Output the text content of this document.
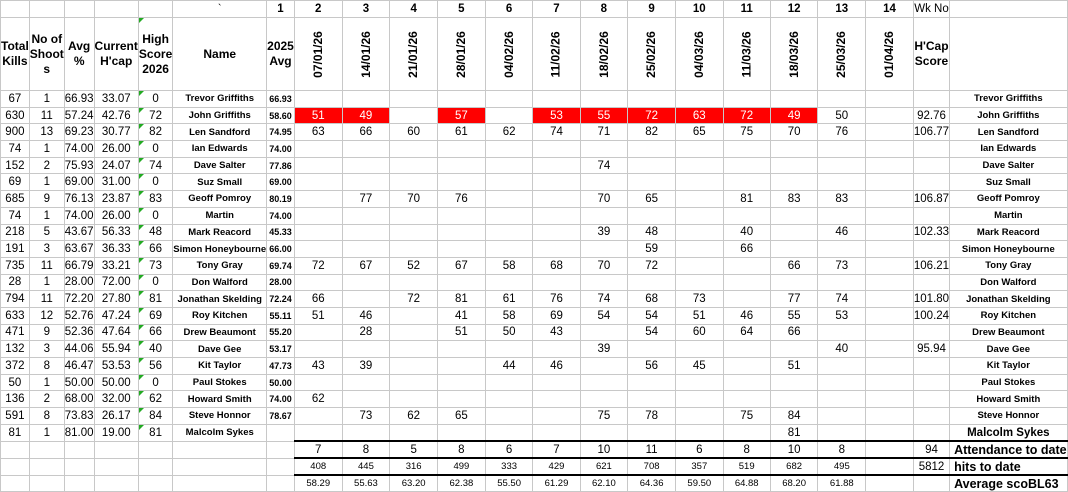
					`	1	2	3	4	5	6	7	8	9	10	11	12	13	14	Wk No	
Total Kills	No of Shoot s	Avg %	Current H'cap	High Score 2026	Name	2025 Avg	07/01/26	14/01/26	21/01/26	28/01/26	04/02/26	11/02/26	18/02/26	25/02/26	04/03/26	11/03/26	18/03/26	25/03/26	01/04/26	H'Cap Score	
67	1	66.93	33.07	0	Trevor Griffiths	66.93															Trevor Griffiths
630	11	57.24	42.76	72	John Griffiths	58.60	51	49		57		53	55	72	63	72	49	50		92.76	John Griffiths
900	13	69.23	30.77	82	Len Sandford	74.95	63	66	60	61	62	74	71	82	65	75	70	76		106.77	Len Sandford
74	1	74.00	26.00	0	Ian Edwards	74.00															Ian Edwards
152	2	75.93	24.07	74	Dave Salter	77.86							74								Dave Salter
69	1	69.00	31.00	0	Suz Small	69.00															Suz Small
685	9	76.13	23.87	83	Geoff Pomroy	80.19		77	70	76			70	65		81	83	83		106.87	Geoff Pomroy
74	1	74.00	26.00	0	Martin	74.00															Martin
218	5	43.67	56.33	48	Mark Reacord	45.33							39	48		40		46		102.33	Mark Reacord
191	3	63.67	36.33	66	Simon Honeybourne	66.00								59		66					Simon Honeybourne
735	11	66.79	33.21	73	Tony Gray	69.74	72	67	52	67	58	68	70	72			66	73		106.21	Tony Gray
28	1	28.00	72.00	0	Don Walford	28.00															Don Walford
794	11	72.20	27.80	81	Jonathan Skelding	72.24	66		72	81	61	76	74	68	73		77	74		101.80	Jonathan Skelding
633	12	52.76	47.24	69	Roy Kitchen	55.11	51	46		41	58	69	54	54	51	46	55	53		100.24	Roy Kitchen
471	9	52.36	47.64	66	Drew Beaumont	55.20		28		51	50	43		54	60	64	66				Drew Beaumont
132	3	44.06	55.94	40	Dave Gee	53.17							39					40		95.94	Dave Gee
372	8	46.47	53.53	56	Kit Taylor	47.73	43	39			44	46		56	45		51				Kit Taylor
50	1	50.00	50.00	0	Paul Stokes	50.00															Paul Stokes
136	2	68.00	32.00	62	Howard Smith	74.00	62														Howard Smith
591	8	73.83	26.17	84	Steve Honnor	78.67		73	62	65			75	78		75	84				Steve Honnor
81	1	81.00	19.00	81	Malcolm Sykes												81				Malcolm Sykes
							7	8	5	8	6	7	10	11	6	8	10	8		94	Attendance to date
							408	445	316	499	333	429	621	708	357	519	682	495		5812	hits to date
							58.29	55.63	63.20	62.38	55.50	61.29	62.10	64.36	59.50	64.88	68.20	61.88			Average scoBL63
